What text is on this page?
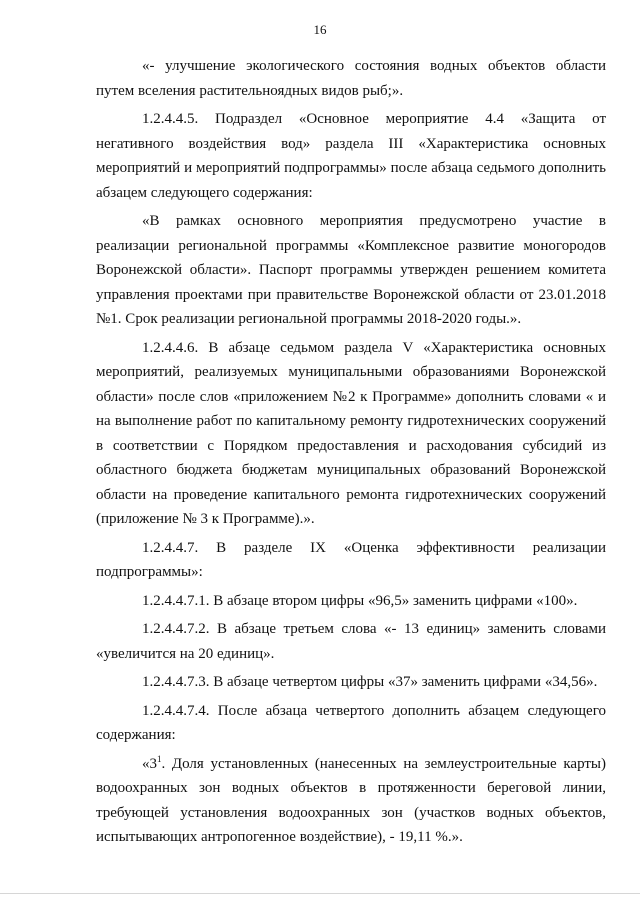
16

«- улучшение экологического состояния водных объектов области путем вселения растительноядных видов рыб;».

1.2.4.4.5. Подраздел «Основное мероприятие 4.4 «Защита от негативного воздействия вод» раздела III «Характеристика основных мероприятий и мероприятий подпрограммы» после абзаца седьмого дополнить абзацем следующего содержания:

«В рамках основного мероприятия предусмотрено участие в реализации региональной программы «Комплексное развитие моногородов Воронежской области». Паспорт программы утвержден решением комитета управления проектами при правительстве Воронежской области от 23.01.2018 №1. Срок реализации региональной программы 2018-2020 годы.».

1.2.4.4.6. В абзаце седьмом раздела V «Характеристика основных мероприятий, реализуемых муниципальными образованиями Воронежской области» после слов «приложением №2 к Программе» дополнить словами « и на выполнение работ по капитальному ремонту гидротехнических сооружений в соответствии с Порядком предоставления и расходования субсидий из областного бюджета бюджетам муниципальных образований Воронежской области на проведение капитального ремонта гидротехнических сооружений (приложение № 3 к Программе).».

1.2.4.4.7. В разделе IX «Оценка эффективности реализации подпрограммы»:

1.2.4.4.7.1. В абзаце втором цифры «96,5» заменить цифрами «100».

1.2.4.4.7.2. В абзаце третьем слова «- 13 единиц» заменить словами «увеличится на 20 единиц».

1.2.4.4.7.3. В абзаце четвертом цифры «37» заменить цифрами «34,56».

1.2.4.4.7.4. После абзаца четвертого дополнить абзацем следующего содержания:

«$3^1$. Доля установленных (нанесенных на землеустроительные карты) водоохранных зон водных объектов в протяженности береговой линии, требующей установления водоохранных зон (участков водных объектов, испытывающих антропогенное воздействие), - 19,11 %.».
